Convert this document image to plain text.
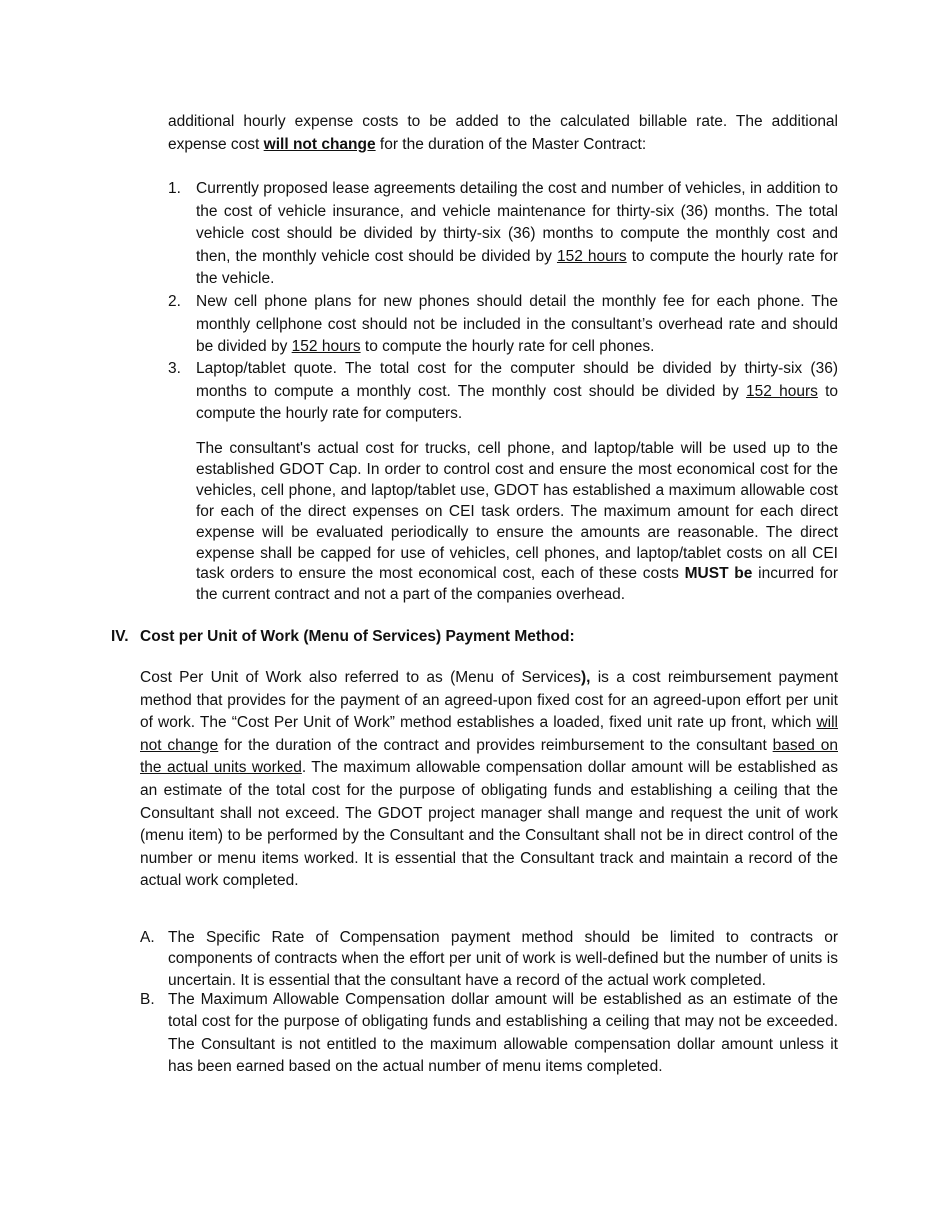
additional hourly expense costs to be added to the calculated billable rate. The additional expense cost will not change for the duration of the Master Contract:

1. Currently proposed lease agreements detailing the cost and number of vehicles, in addition to the cost of vehicle insurance, and vehicle maintenance for thirty-six (36) months. The total vehicle cost should be divided by thirty-six (36) months to compute the monthly cost and then, the monthly vehicle cost should be divided by 152 hours to compute the hourly rate for the vehicle.

2. New cell phone plans for new phones should detail the monthly fee for each phone. The monthly cellphone cost should not be included in the consultant’s overhead rate and should be divided by 152 hours to compute the hourly rate for cell phones.

3. Laptop/tablet quote. The total cost for the computer should be divided by thirty-six (36) months to compute a monthly cost. The monthly cost should be divided by 152 hours to compute the hourly rate for computers.

The consultant's actual cost for trucks, cell phone, and laptop/table will be used up to the established GDOT Cap. In order to control cost and ensure the most economical cost for the vehicles, cell phone, and laptop/tablet use, GDOT has established a maximum allowable cost for each of the direct expenses on CEI task orders. The maximum amount for each direct expense will be evaluated periodically to ensure the amounts are reasonable. The direct expense shall be capped for use of vehicles, cell phones, and laptop/tablet costs on all CEI task orders to ensure the most economical cost, each of these costs MUST be incurred for the current contract and not a part of the companies overhead.

IV. Cost per Unit of Work (Menu of Services) Payment Method:

Cost Per Unit of Work also referred to as (Menu of Services), is a cost reimbursement payment method that provides for the payment of an agreed-upon fixed cost for an agreed-upon effort per unit of work. The “Cost Per Unit of Work” method establishes a loaded, fixed unit rate up front, which will not change for the duration of the contract and provides reimbursement to the consultant based on the actual units worked. The maximum allowable compensation dollar amount will be established as an estimate of the total cost for the purpose of obligating funds and establishing a ceiling that the Consultant shall not exceed. The GDOT project manager shall mange and request the unit of work (menu item) to be performed by the Consultant and the Consultant shall not be in direct control of the number or menu items worked. It is essential that the Consultant track and maintain a record of the actual work completed.

A. The Specific Rate of Compensation payment method should be limited to contracts or components of contracts when the effort per unit of work is well-defined but the number of units is uncertain. It is essential that the consultant have a record of the actual work completed.

B. The Maximum Allowable Compensation dollar amount will be established as an estimate of the total cost for the purpose of obligating funds and establishing a ceiling that may not be exceeded. The Consultant is not entitled to the maximum allowable compensation dollar amount unless it has been earned based on the actual number of menu items completed.
